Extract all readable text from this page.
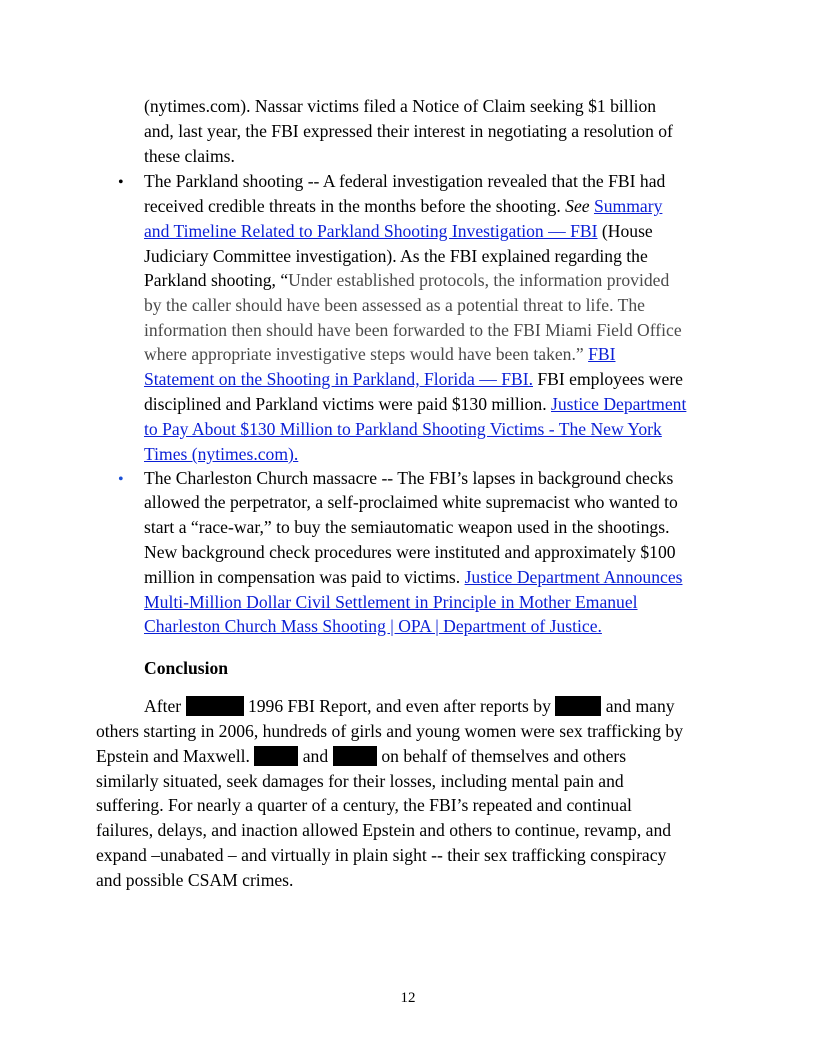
(nytimes.com). Nassar victims filed a Notice of Claim seeking $1 billion
and, last year, the FBI expressed their interest in negotiating a resolution of
these claims.
• The Parkland shooting -- A federal investigation revealed that the FBI had
received credible threats in the months before the shooting. See Summary
and Timeline Related to Parkland Shooting Investigation — FBI (House
Judiciary Committee investigation). As the FBI explained regarding the
Parkland shooting, “Under established protocols, the information provided
by the caller should have been assessed as a potential threat to life. The
information then should have been forwarded to the FBI Miami Field Office
where appropriate investigative steps would have been taken.” FBI
Statement on the Shooting in Parkland, Florida — FBI. FBI employees were
disciplined and Parkland victims were paid $130 million. Justice Department
to Pay About $130 Million to Parkland Shooting Victims - The New York
Times (nytimes.com).
• The Charleston Church massacre -- The FBI’s lapses in background checks
allowed the perpetrator, a self-proclaimed white supremacist who wanted to
start a “race-war,” to buy the semiautomatic weapon used in the shootings.
New background check procedures were instituted and approximately $100
million in compensation was paid to victims. Justice Department Announces
Multi-Million Dollar Civil Settlement in Principle in Mother Emanuel
Charleston Church Mass Shooting | OPA | Department of Justice.
Conclusion
After	1996 FBI Report, and even after reports by	and many
others starting in 2006, hundreds of girls and young women were sex trafficking by
Epstein and Maxwell.	and	, on behalf of themselves and others
similarly situated, seek damages for their losses, including mental pain and
suffering. For nearly a quarter of a century, the FBI’s repeated and continual
failures, delays, and inaction allowed Epstein and others to continue, revamp, and
expand –unabated – and virtually in plain sight -- their sex trafficking conspiracy
and possible CSAM crimes.
12
